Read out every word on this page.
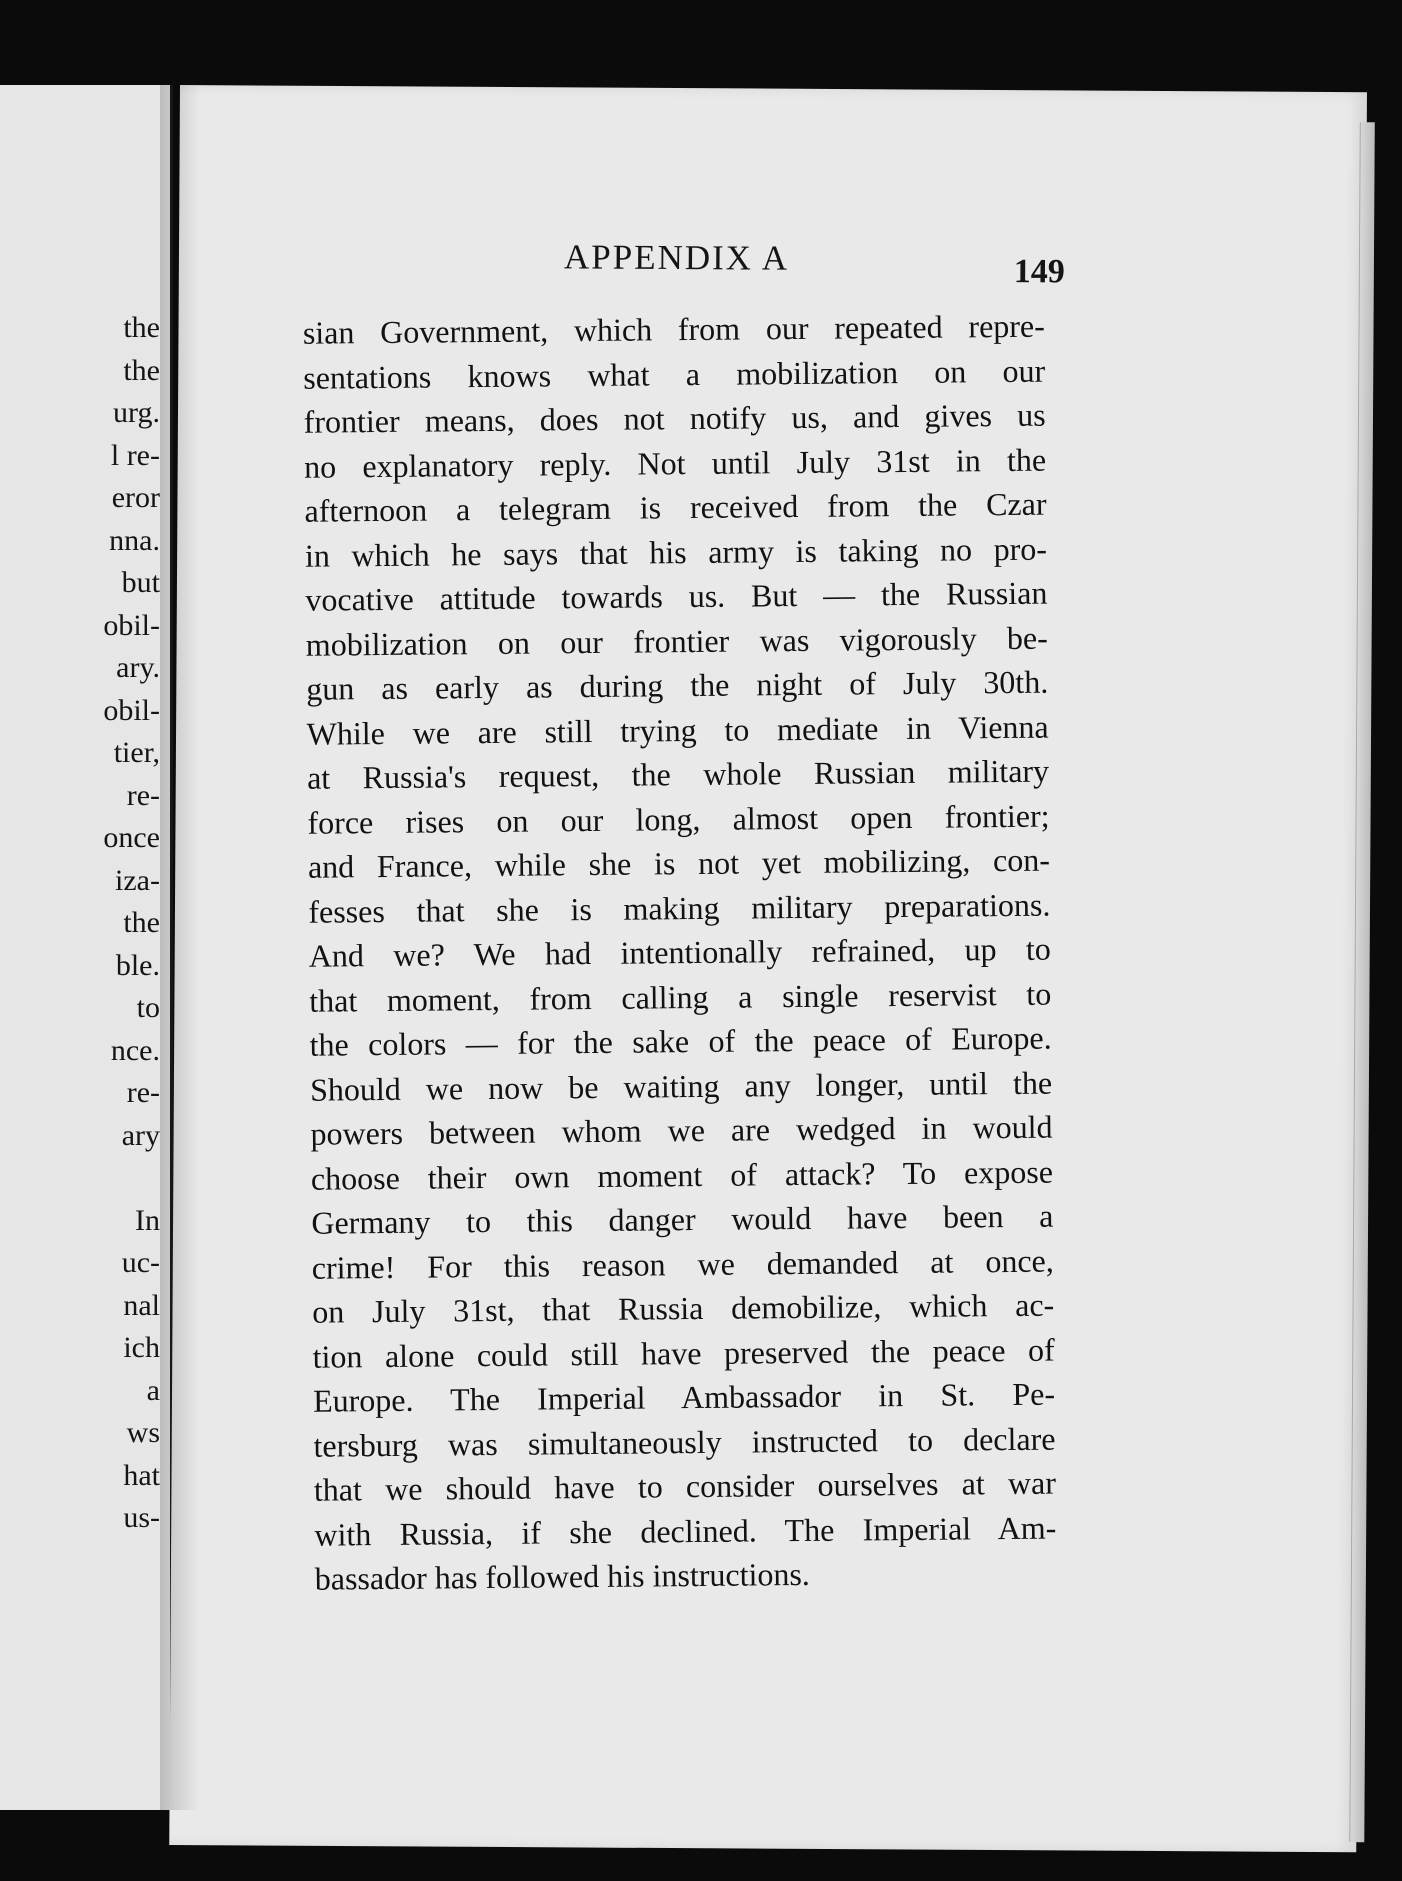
the
the
urg.
l re-
eror
nna.
but
obil-
ary.
obil-
tier,
re-
once
iza-
the
ble.
to
nce.
re-
ary
In
uc-
nal
ich
a
ws
hat
us-
APPENDIX A	149
sian Government, which from our repeated repre-
sentations knows what a mobilization on our
frontier means, does not notify us, and gives us
no explanatory reply. Not until July 31st in the
afternoon a telegram is received from the Czar
in which he says that his army is taking no pro-
vocative attitude towards us. But — the Russian
mobilization on our frontier was vigorously be-
gun as early as during the night of July 30th.
While we are still trying to mediate in Vienna
at Russia's request, the whole Russian military
force rises on our long, almost open frontier;
and France, while she is not yet mobilizing, con-
fesses that she is making military preparations.
And we? We had intentionally refrained, up to
that moment, from calling a single reservist to
the colors — for the sake of the peace of Europe.
Should we now be waiting any longer, until the
powers between whom we are wedged in would
choose their own moment of attack? To expose
Germany to this danger would have been a
crime! For this reason we demanded at once,
on July 31st, that Russia demobilize, which ac-
tion alone could still have preserved the peace of
Europe. The Imperial Ambassador in St. Pe-
tersburg was simultaneously instructed to declare
that we should have to consider ourselves at war
with Russia, if she declined. The Imperial Am-
bassador has followed his instructions.
